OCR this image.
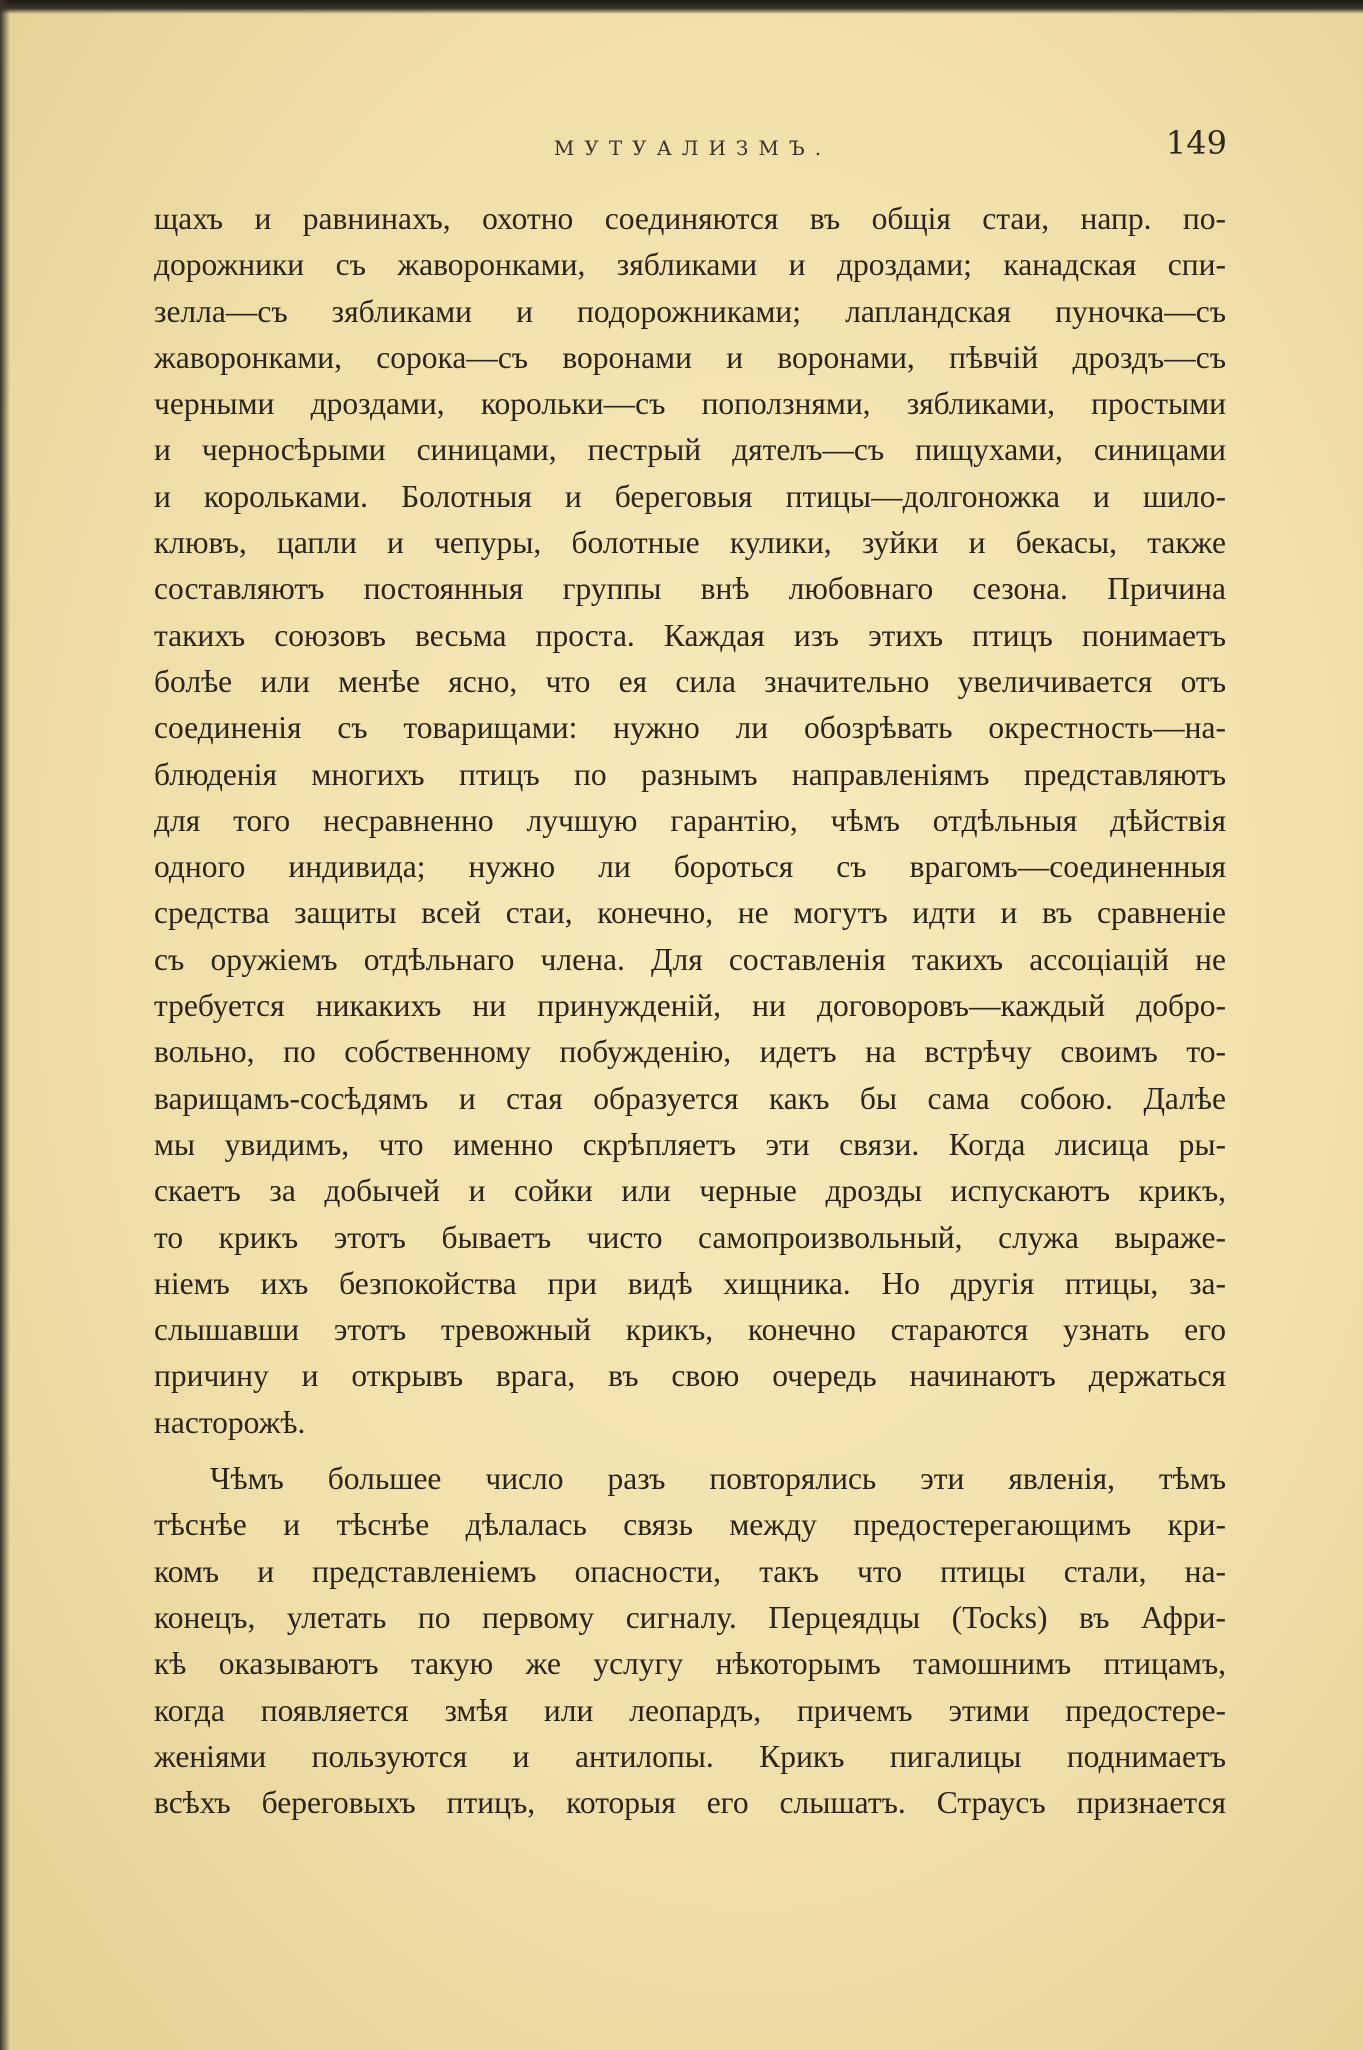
МУТУАЛИЗМЪ.	149
щахъ и равнинахъ, охотно соединяются въ общія стаи, напр. по-
дорожники съ жаворонками, зябликами и дроздами; канадская спи-
зелла—съ зябликами и подорожниками; лапландская пуночка—съ
жаворонками, сорока—съ воронами и воронами, пѣвчій дроздъ—съ
черными дроздами, корольки—съ поползнями, зябликами, простыми
и черносѣрыми синицами, пестрый дятелъ—съ пищухами, синицами
и корольками. Болотныя и береговыя птицы—долгоножка и шило-
клювъ, цапли и чепуры, болотные кулики, зуйки и бекасы, также
составляютъ постоянныя группы внѣ любовнаго сезона. Причина
такихъ союзовъ весьма проста. Каждая изъ этихъ птицъ понимаетъ
болѣе или менѣе ясно, что ея сила значительно увеличивается отъ
соединенія съ товарищами: нужно ли обозрѣвать окрестность—на-
блюденія многихъ птицъ по разнымъ направленіямъ представляютъ
для того несравненно лучшую гарантію, чѣмъ отдѣльныя дѣйствія
одного индивида; нужно ли бороться съ врагомъ—соединенныя
средства защиты всей стаи, конечно, не могутъ идти и въ сравненіе
съ оружіемъ отдѣльнаго члена. Для составленія такихъ ассоціацій не
требуется никакихъ ни принужденій, ни договоровъ—каждый добро-
вольно, по собственному побужденію, идетъ на встрѣчу своимъ то-
варищамъ-сосѣдямъ и стая образуется какъ бы сама собою. Далѣе
мы увидимъ, что именно скрѣпляетъ эти связи. Когда лисица ры-
скаетъ за добычей и сойки или черные дрозды испускаютъ крикъ,
то крикъ этотъ бываетъ чисто самопроизвольный, служа выраже-
ніемъ ихъ безпокойства при видѣ хищника. Но другія птицы, за-
слышавши этотъ тревожный крикъ, конечно стараются узнать его
причину и открывъ врага, въ свою очередь начинаютъ держаться
насторожѣ.
Чѣмъ большее число разъ повторялись эти явленія, тѣмъ
тѣснѣе и тѣснѣе дѣлалась связь между предостерегающимъ кри-
комъ и представленіемъ опасности, такъ что птицы стали, на-
конецъ, улетать по первому сигналу. Перцеядцы (Tocks) въ Афри-
кѣ оказываютъ такую же услугу нѣкоторымъ тамошнимъ птицамъ,
когда появляется змѣя или леопардъ, причемъ этими предостере-
женіями пользуются и антилопы. Крикъ пигалицы поднимаетъ
всѣхъ береговыхъ птицъ, которыя его слышатъ. Страусъ признается
